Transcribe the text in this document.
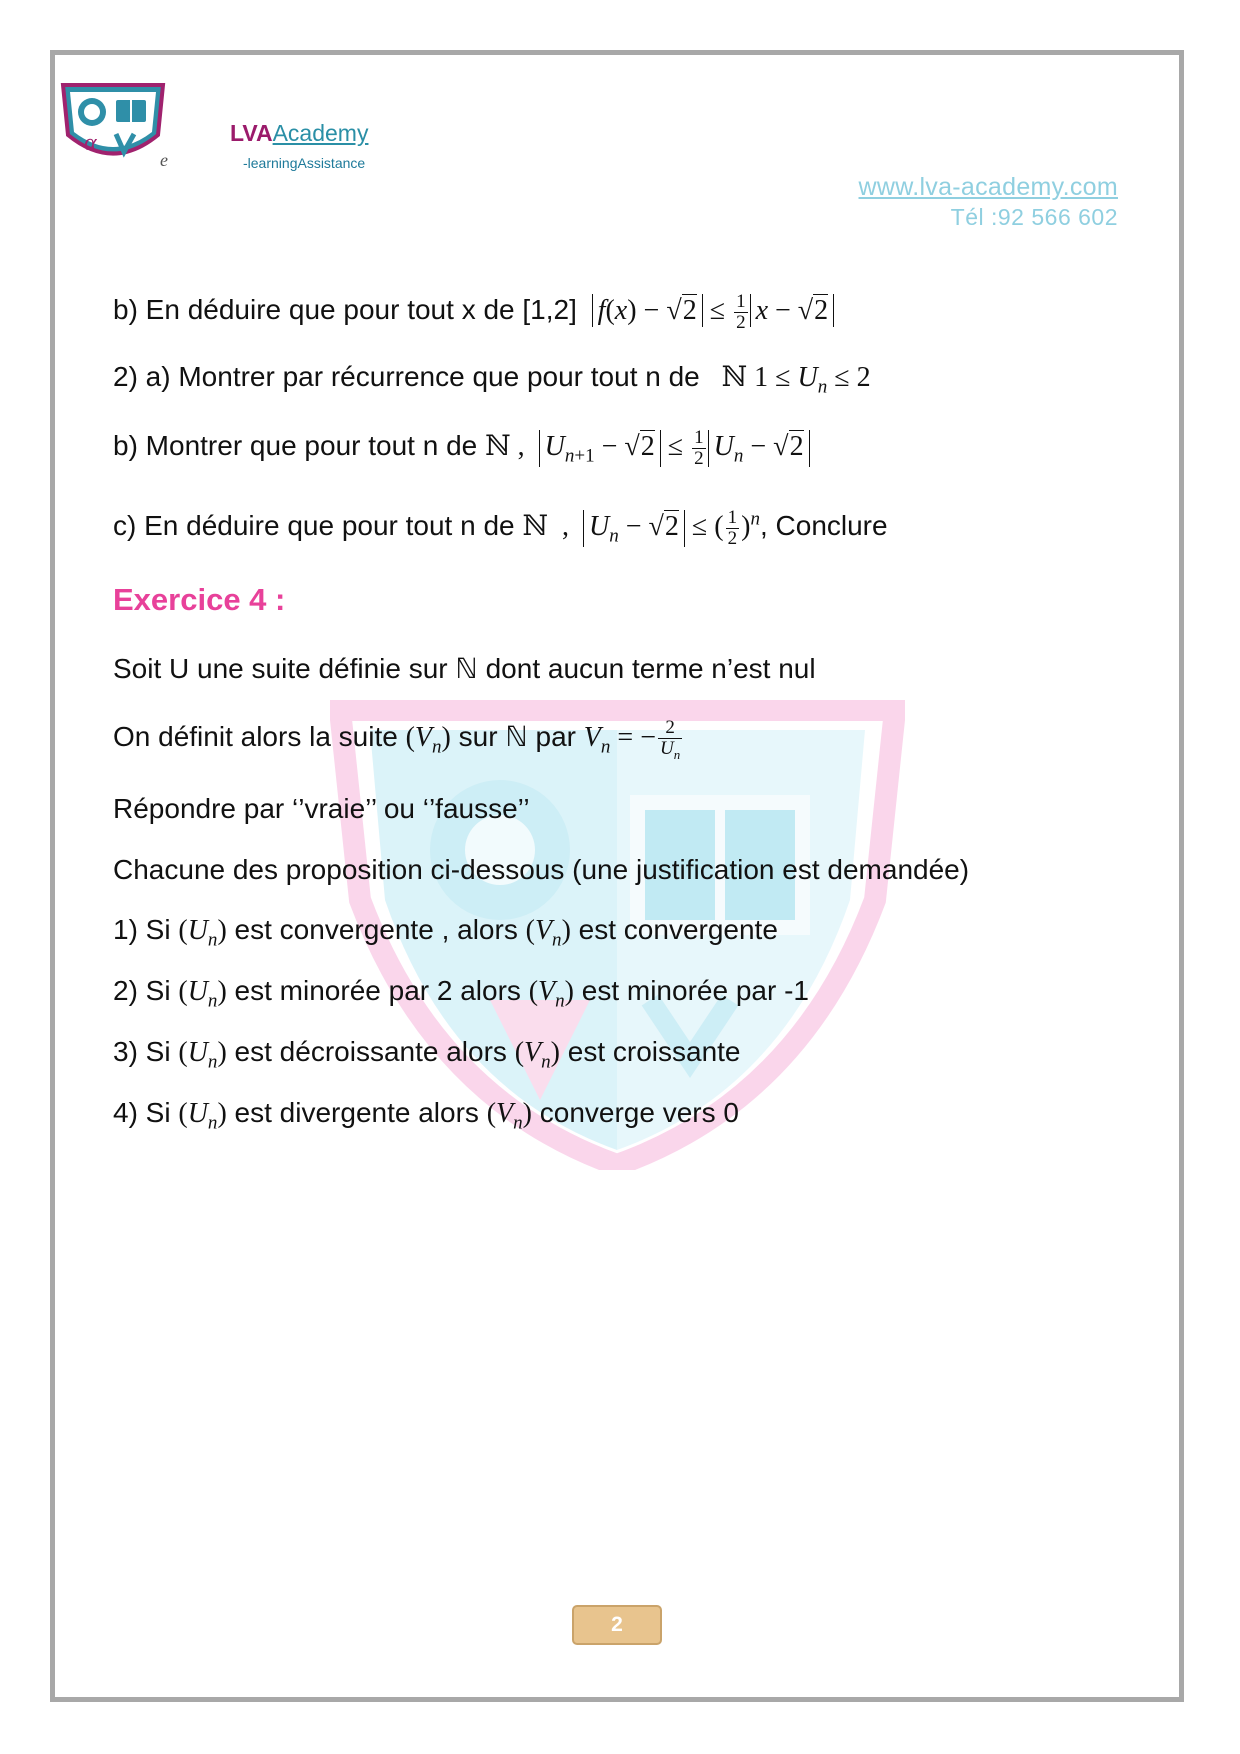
α
e
LVAAcademy
-learningAssistance
www.lva-academy.com
Tél :92 566 602
b) En déduire que pour tout x de [1,2] $f(x) - √2 \le \frac{1}{2}$ x − √2
2) a) Montrer par récurrence que pour tout n de   ℕ $1 \le U_n \le 2$
b) Montrer que pour tout n de ℕ ,  $U_{n+1} - √2 \le \frac{1}{2} U_n - √2$
c) En déduire que pour tout n de ℕ  ,  $U_n - √2$ ≤ ( $\frac{1}{2} )^n$, Conclure
Exercice 4 :
Soit U une suite définie sur ℕ dont aucun terme n’est nul
On définit alors la suite $(V_n)$ sur ℕ par $V_n$ = − $\frac{2}{U_n}$
Répondre par ‘’vraie’’ ou ‘’fausse’’
Chacune des proposition ci-dessous (une justification est demandée)
1) Si $(U_n)$ est convergente , alors $(V_n)$ est convergente
2) Si $(U_n)$ est minorée par 2 alors $(V_n)$ est minorée par -1
3) Si $(U_n)$ est décroissante alors $(V_n)$ est croissante
4) Si $(U_n)$ est divergente alors $(V_n)$ converge vers 0
2
